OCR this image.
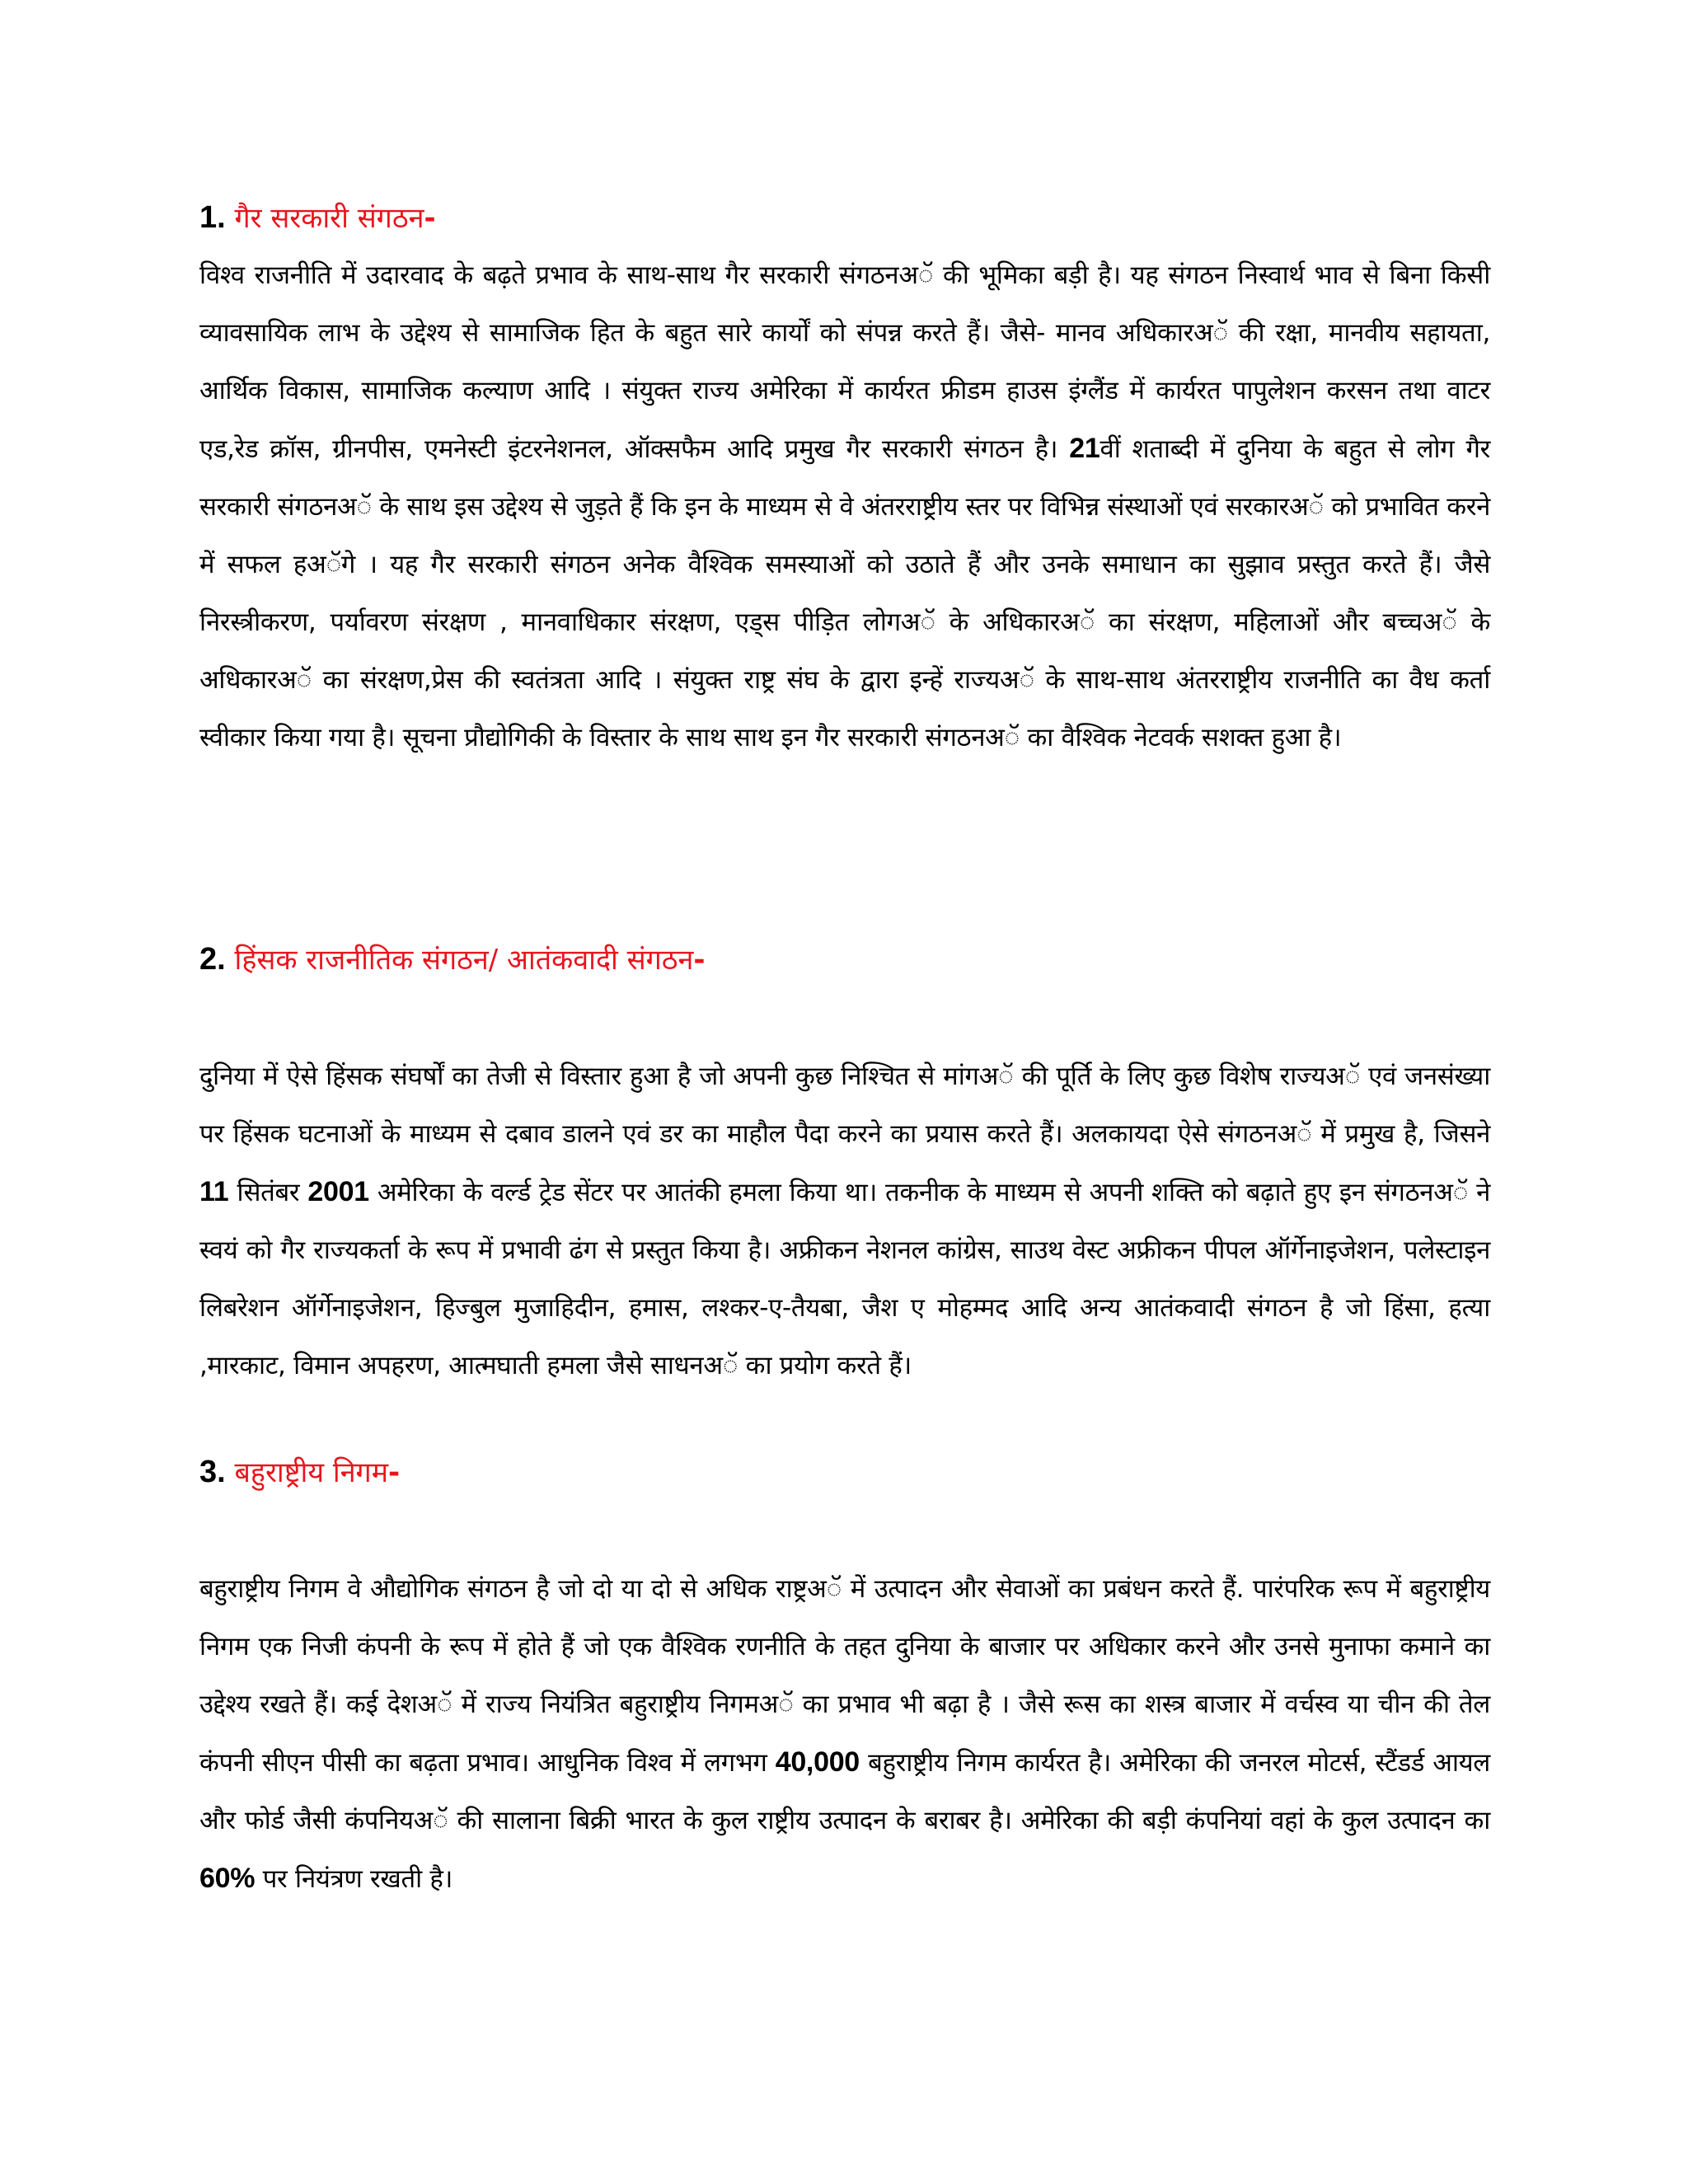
1. गैर सरकारी संगठन-

विश्व राजनीति में उदारवाद के बढ़ते प्रभाव के साथ-साथ गैर सरकारी संगठनअॅ की भूमिका बड़ी है। यह संगठन निस्वार्थ भाव से बिना किसी व्यावसायिक लाभ के उद्देश्य से सामाजिक हित के बहुत सारे कार्यों को संपन्न करते हैं। जैसे- मानव अधिकारअॅ की रक्षा, मानवीय सहायता, आर्थिक विकास, सामाजिक कल्याण आदि । संयुक्त राज्य अमेरिका में कार्यरत फ्रीडम हाउस इंग्लैंड में कार्यरत पापुलेशन करसन तथा वाटर एड,रेड क्रॉस, ग्रीनपीस, एमनेस्टी इंटरनेशनल, ऑक्सफैम आदि प्रमुख गैर सरकारी संगठन है। 21वीं शताब्दी में दुनिया के बहुत से लोग गैर सरकारी संगठनअॅ के साथ इस उद्देश्य से जुड़ते हैं कि इन के माध्यम से वे अंतरराष्ट्रीय स्तर पर विभिन्न संस्थाओं एवं सरकारअॅ को प्रभावित करने में सफल हअॅगे । यह गैर सरकारी संगठन अनेक वैश्विक समस्याओं को उठाते हैं और उनके समाधान का सुझाव प्रस्तुत करते हैं। जैसे निरस्त्रीकरण, पर्यावरण संरक्षण , मानवाधिकार संरक्षण, एड्स पीड़ित लोगअॅ के अधिकारअॅ का संरक्षण, महिलाओं और बच्चअॅ के अधिकारअॅ का संरक्षण,प्रेस की स्वतंत्रता आदि । संयुक्त राष्ट्र संघ के द्वारा इन्हें राज्यअॅ के साथ-साथ अंतरराष्ट्रीय राजनीति का वैध कर्ता स्वीकार किया गया है। सूचना प्रौद्योगिकी के विस्तार के साथ साथ इन गैर सरकारी संगठनअॅ का वैश्विक नेटवर्क सशक्त हुआ है।

2. हिंसक राजनीतिक संगठन/ आतंकवादी संगठन-

दुनिया में ऐसे हिंसक संघर्षों का तेजी से विस्तार हुआ है जो अपनी कुछ निश्चित से मांगअॅ की पूर्ति के लिए कुछ विशेष राज्यअॅ एवं जनसंख्या पर हिंसक घटनाओं के माध्यम से दबाव डालने एवं डर का माहौल पैदा करने का प्रयास करते हैं। अलकायदा ऐसे संगठनअॅ में प्रमुख है, जिसने 11 सितंबर 2001 अमेरिका के वर्ल्ड ट्रेड सेंटर पर आतंकी हमला किया था। तकनीक के माध्यम से अपनी शक्ति को बढ़ाते हुए इन संगठनअॅ ने स्वयं को गैर राज्यकर्ता के रूप में प्रभावी ढंग से प्रस्तुत किया है। अफ्रीकन नेशनल कांग्रेस, साउथ वेस्ट अफ्रीकन पीपल ऑर्गेनाइजेशन, पलेस्टाइन लिबरेशन ऑर्गेनाइजेशन, हिज्बुल मुजाहिदीन, हमास, लश्कर-ए-तैयबा, जैश ए मोहम्मद आदि अन्य आतंकवादी संगठन है जो हिंसा, हत्या ,मारकाट, विमान अपहरण, आत्मघाती हमला जैसे साधनअॅ का प्रयोग करते हैं।

3. बहुराष्ट्रीय निगम-

बहुराष्ट्रीय निगम वे औद्योगिक संगठन है जो दो या दो से अधिक राष्ट्रअॅ में उत्पादन और सेवाओं का प्रबंधन करते हैं. पारंपरिक रूप में बहुराष्ट्रीय निगम एक निजी कंपनी के रूप में होते हैं जो एक वैश्विक रणनीति के तहत दुनिया के बाजार पर अधिकार करने और उनसे मुनाफा कमाने का उद्देश्य रखते हैं। कई देशअॅ में राज्य नियंत्रित बहुराष्ट्रीय निगमअॅ का प्रभाव भी बढ़ा है । जैसे रूस का शस्त्र बाजार में वर्चस्व या चीन की तेल कंपनी सीएन पीसी का बढ़ता प्रभाव। आधुनिक विश्व में लगभग 40,000 बहुराष्ट्रीय निगम कार्यरत है। अमेरिका की जनरल मोटर्स, स्टैंडर्ड आयल और फोर्ड जैसी कंपनियअॅ की सालाना बिक्री भारत के कुल राष्ट्रीय उत्पादन के बराबर है। अमेरिका की बड़ी कंपनियां वहां के कुल उत्पादन का 60% पर नियंत्रण रखती है।
